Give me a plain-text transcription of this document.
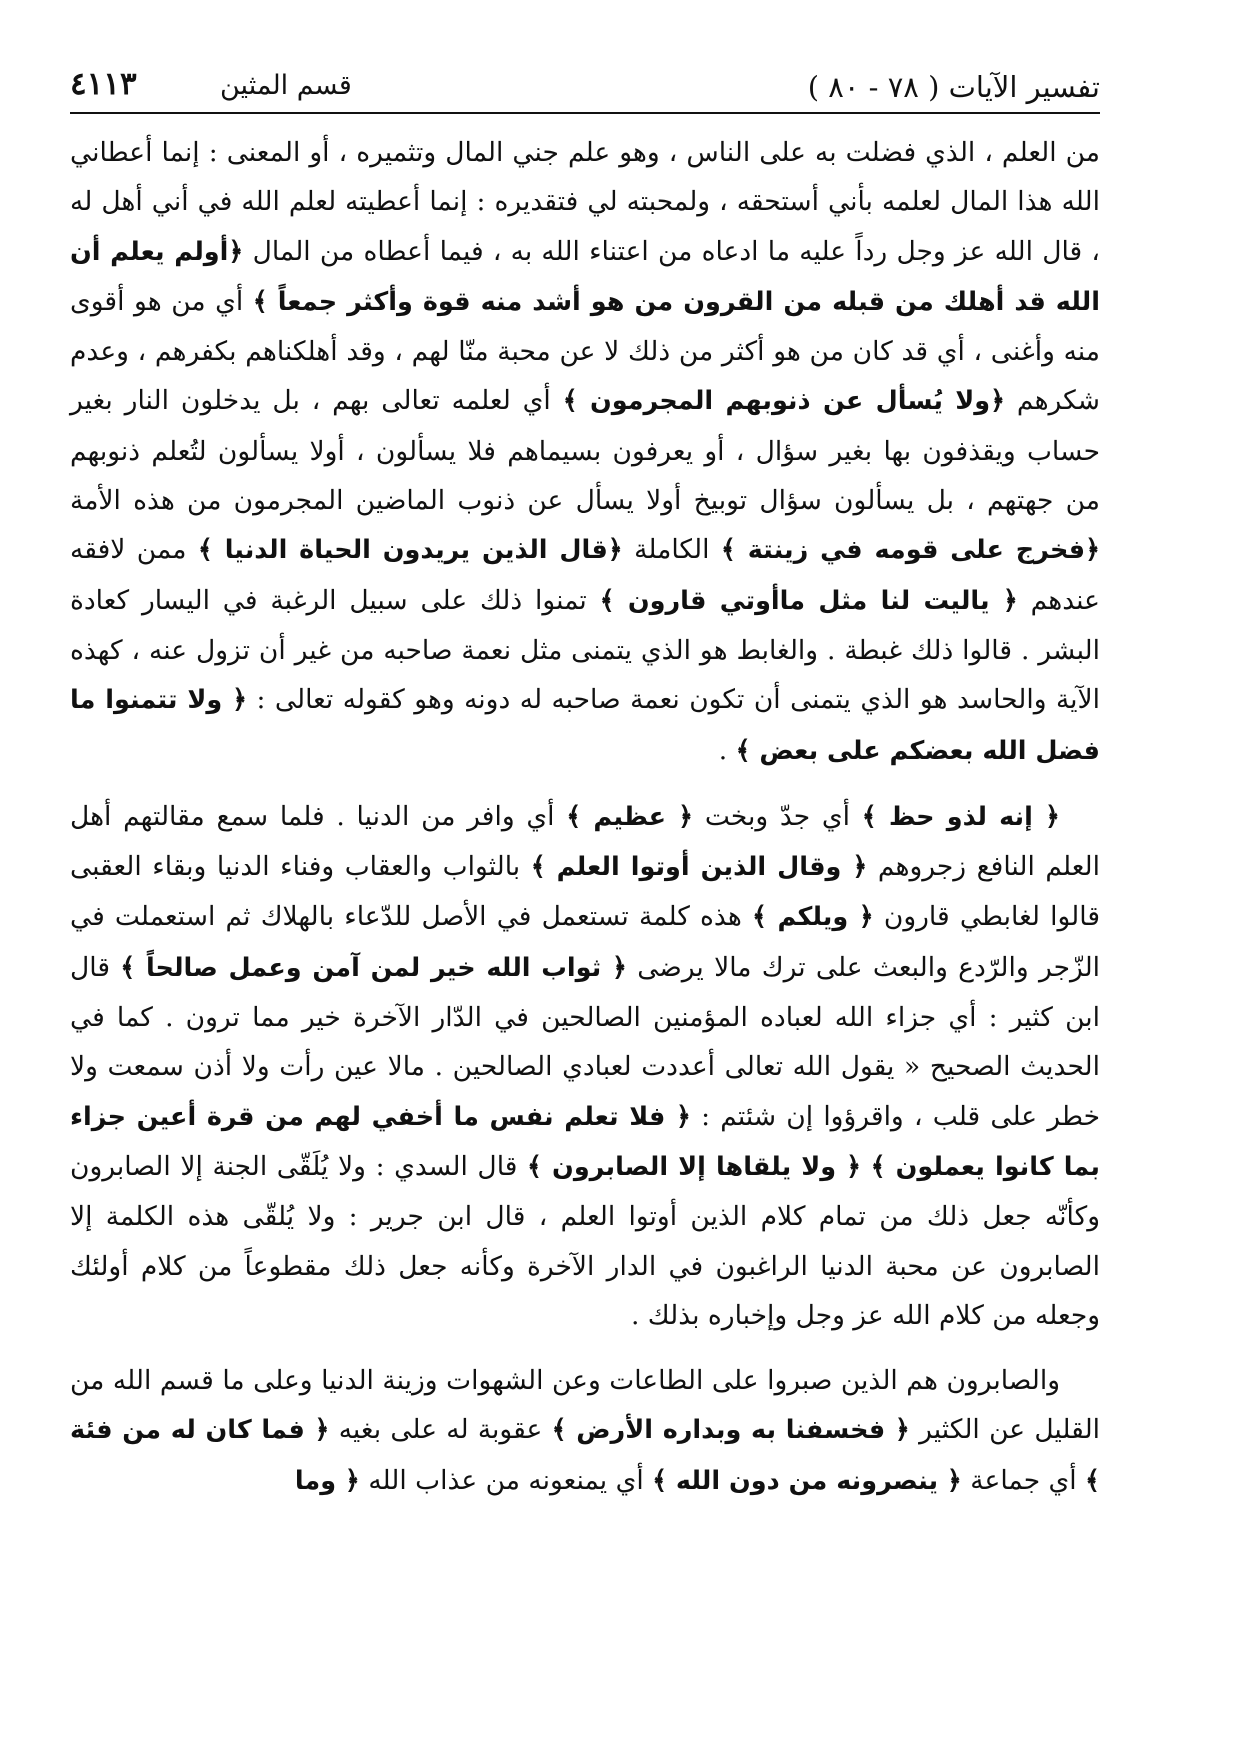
تفسير الآيات ( ٧٨ - ٨٠ )
قسم المثين
٤١١٣

من العلم ، الذي فضلت به على الناس ، وهو علم جني المال وتثميره ، أو المعنى : إنما أعطاني الله هذا المال لعلمه بأني أستحقه ، ولمحبته لي فتقديره : إنما أعطيته لعلم الله في أني أهل له ، قال الله عز وجل رداً عليه ما ادعاه من اعتناء الله به ، فيما أعطاه من المال ﴿أولم يعلم أن الله قد أهلك من قبله من القرون من هو أشد منه قوة وأكثر جمعاً ﴾ أي من هو أقوى منه وأغنى ، أي قد كان من هو أكثر من ذلك لا عن محبة منّا لهم ، وقد أهلكناهم بكفرهم ، وعدم شكرهم ﴿ولا يُسأل عن ذنوبهم المجرمون ﴾ أي لعلمه تعالى بهم ، بل يدخلون النار بغير حساب ويقذفون بها بغير سؤال ، أو يعرفون بسيماهم فلا يسألون ، أولا يسألون لتُعلم ذنوبهم من جهتهم ، بل يسألون سؤال توبيخ أولا يسأل عن ذنوب الماضين المجرمون من هذه الأمة ﴿فخرج على قومه في زينتة ﴾ الكاملة ﴿قال الذين يريدون الحياة الدنيا ﴾ ممن لافقه عندهم ﴿ ياليت لنا مثل ماأوتي قارون ﴾ تمنوا ذلك على سبيل الرغبة في اليسار كعادة البشر . قالوا ذلك غبطة . والغابط هو الذي يتمنى مثل نعمة صاحبه من غير أن تزول عنه ، كهذه الآية والحاسد هو الذي يتمنى أن تكون نعمة صاحبه له دونه وهو كقوله تعالى : ﴿ ولا تتمنوا ما فضل الله بعضكم على بعض ﴾ .

﴿ إنه لذو حظ ﴾ أي جدّ وبخت ﴿ عظيم ﴾ أي وافر من الدنيا . فلما سمع مقالتهم أهل العلم النافع زجروهم ﴿ وقال الذين أوتوا العلم ﴾ بالثواب والعقاب وفناء الدنيا وبقاء العقبى قالوا لغابطي قارون ﴿ ويلكم ﴾ هذه كلمة تستعمل في الأصل للدّعاء بالهلاك ثم استعملت في الزّجر والرّدع والبعث على ترك مالا يرضى ﴿ ثواب الله خير لمن آمن وعمل صالحاً ﴾ قال ابن كثير : أي جزاء الله لعباده المؤمنين الصالحين في الدّار الآخرة خير مما ترون . كما في الحديث الصحيح « يقول الله تعالى أعددت لعبادي الصالحين . مالا عين رأت ولا أذن سمعت ولا خطر على قلب ، واقرؤوا إن شئتم : ﴿ فلا تعلم نفس ما أخفي لهم من قرة أعين جزاء بما كانوا يعملون ﴾ ﴿ ولا يلقاها إلا الصابرون ﴾ قال السدي : ولا يُلَقّى الجنة إلا الصابرون وكأنّه جعل ذلك من تمام كلام الذين أوتوا العلم ، قال ابن جرير : ولا يُلقّى هذه الكلمة إلا الصابرون عن محبة الدنيا الراغبون في الدار الآخرة وكأنه جعل ذلك مقطوعاً من كلام أولئك وجعله من كلام الله عز وجل وإخباره بذلك .

والصابرون هم الذين صبروا على الطاعات وعن الشهوات وزينة الدنيا وعلى ما قسم الله من القليل عن الكثير ﴿ فخسفنا به وبداره الأرض ﴾ عقوبة له على بغيه ﴿ فما كان له من فئة ﴾ أي جماعة ﴿ ينصرونه من دون الله ﴾ أي يمنعونه من عذاب الله ﴿ وما
